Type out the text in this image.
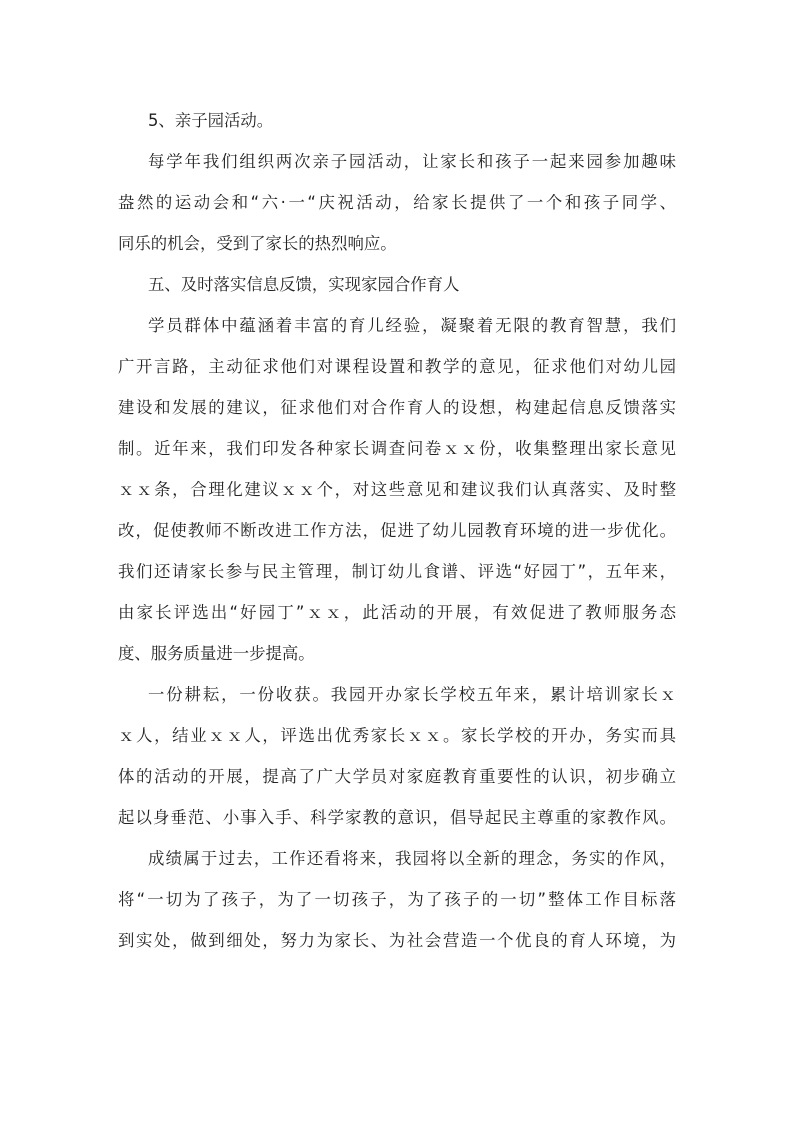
5、亲子园活动。
每学年我们组织两次亲子园活动，让家长和孩子一起来园参加趣味
盎然的运动会和“六·一“庆祝活动，给家长提供了一个和孩子同学、
同乐的机会，受到了家长的热烈响应。
五、及时落实信息反馈，实现家园合作育人
学员群体中蕴涵着丰富的育儿经验，凝聚着无限的教育智慧，我们
广开言路，主动征求他们对课程设置和教学的意见，征求他们对幼儿园
建设和发展的建议，征求他们对合作育人的设想，构建起信息反馈落实
制。近年来，我们印发各种家长调查问卷ｘｘ份，收集整理出家长意见
ｘｘ条，合理化建议ｘｘ个，对这些意见和建议我们认真落实、及时整
改，促使教师不断改进工作方法，促进了幼儿园教育环境的进一步优化。
我们还请家长参与民主管理，制订幼儿食谱、评选“好园丁”，五年来，
由家长评选出“好园丁”ｘｘ，此活动的开展，有效促进了教师服务态
度、服务质量进一步提高。
一份耕耘，一份收获。我园开办家长学校五年来，累计培训家长ｘ
ｘ人，结业ｘｘ人，评选出优秀家长ｘｘ。家长学校的开办，务实而具
体的活动的开展，提高了广大学员对家庭教育重要性的认识，初步确立
起以身垂范、小事入手、科学家教的意识，倡导起民主尊重的家教作风。
成绩属于过去，工作还看将来，我园将以全新的理念，务实的作风，
将“一切为了孩子，为了一切孩子，为了孩子的一切”整体工作目标落
到实处，做到细处，努力为家长、为社会营造一个优良的育人环境，为
